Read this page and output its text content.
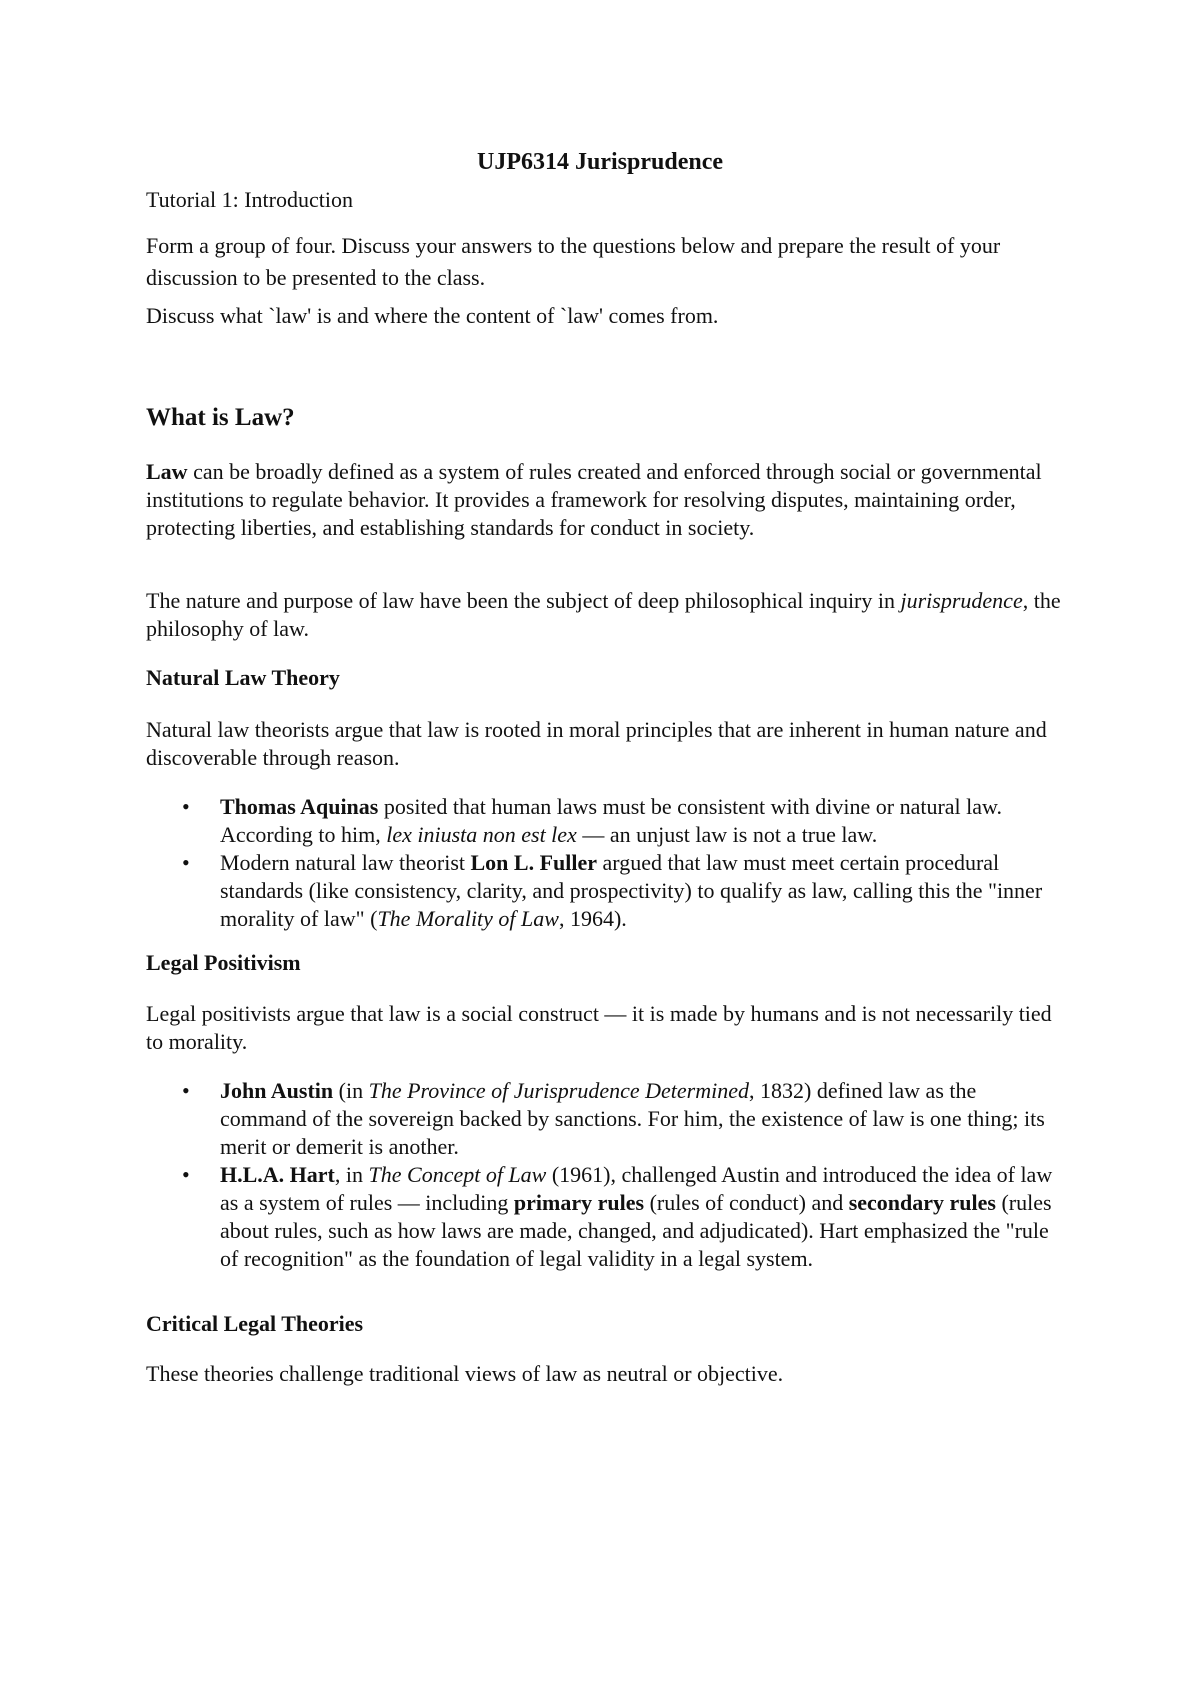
UJP6314 Jurisprudence

Tutorial 1: Introduction

Form a group of four. Discuss your answers to the questions below and prepare the result of your discussion to be presented to the class.

Discuss what `law' is and where the content of `law' comes from.

What is Law?

Law can be broadly defined as a system of rules created and enforced through social or governmental institutions to regulate behavior. It provides a framework for resolving disputes, maintaining order, protecting liberties, and establishing standards for conduct in society.

The nature and purpose of law have been the subject of deep philosophical inquiry in jurisprudence, the philosophy of law.

Natural Law Theory

Natural law theorists argue that law is rooted in moral principles that are inherent in human nature and discoverable through reason.

• Thomas Aquinas posited that human laws must be consistent with divine or natural law. According to him, lex iniusta non est lex — an unjust law is not a true law.
• Modern natural law theorist Lon L. Fuller argued that law must meet certain procedural standards (like consistency, clarity, and prospectivity) to qualify as law, calling this the "inner morality of law" (The Morality of Law, 1964).

Legal Positivism

Legal positivists argue that law is a social construct — it is made by humans and is not necessarily tied to morality.

• John Austin (in The Province of Jurisprudence Determined, 1832) defined law as the command of the sovereign backed by sanctions. For him, the existence of law is one thing; its merit or demerit is another.
• H.L.A. Hart, in The Concept of Law (1961), challenged Austin and introduced the idea of law as a system of rules — including primary rules (rules of conduct) and secondary rules (rules about rules, such as how laws are made, changed, and adjudicated). Hart emphasized the "rule of recognition" as the foundation of legal validity in a legal system.

Critical Legal Theories

These theories challenge traditional views of law as neutral or objective.
